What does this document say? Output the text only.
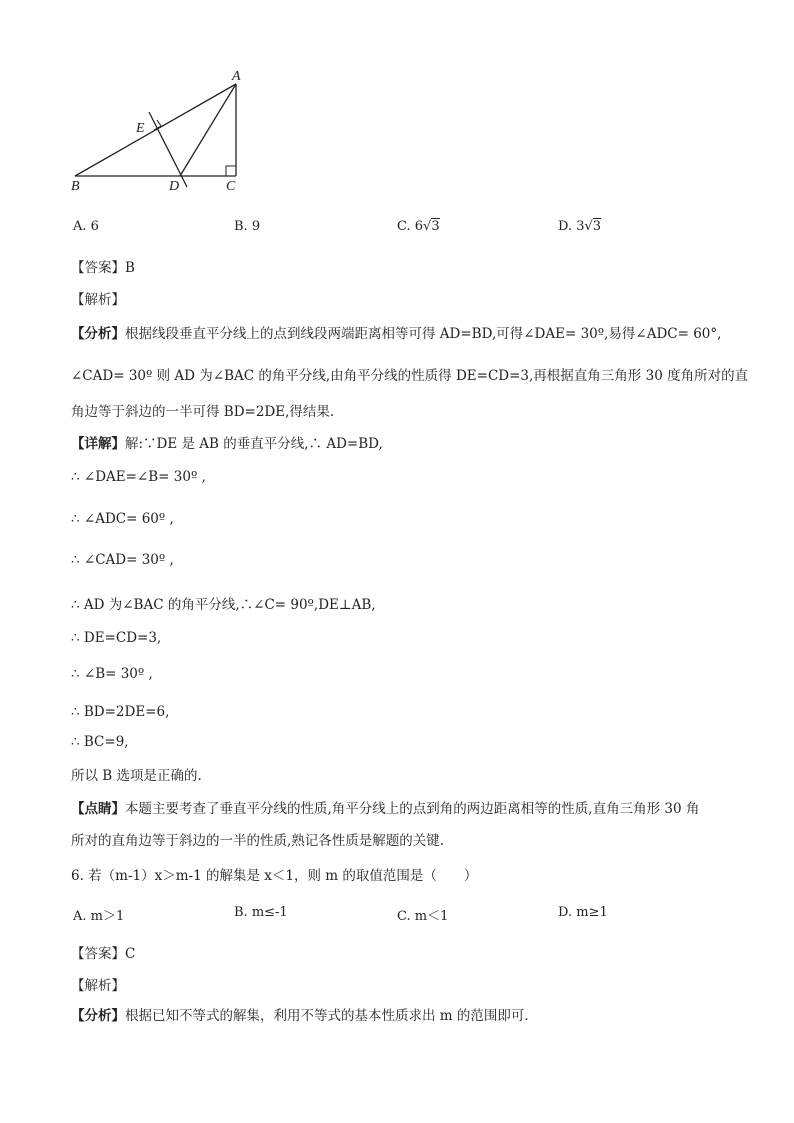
A
E
B	D	C
A. 6	B. 9	C. 6√3	D. 3√3
【答案】B
【解析】
【分析】根据线段垂直平分线上的点到线段两端距离相等可得 AD=BD,可得∠DAE= 30º,易得∠ADC= 60°,
∠CAD= 30º 则 AD 为∠BAC 的角平分线,由角平分线的性质得 DE=CD=3,再根据直角三角形 30 度角所对的直
角边等于斜边的一半可得 BD=2DE,得结果.
【详解】解:∵DE 是 AB 的垂直平分线,∴ AD=BD,
∴ ∠DAE=∠B= 30º ,
∴ ∠ADC= 60º ,
∴ ∠CAD= 30º ,
∴ AD 为∠BAC 的角平分线,∴∠C= 90º,DE⊥AB,
∴ DE=CD=3,
∴ ∠B= 30º ,
∴ BD=2DE=6,
∴ BC=9,
所以 B 选项是正确的.
【点睛】本题主要考查了垂直平分线的性质,角平分线上的点到角的两边距离相等的性质,直角三角形 30 角
所对的直角边等于斜边的一半的性质,熟记各性质是解题的关键.
6. 若（m-1）x＞m-1 的解集是 x＜1，则 m 的取值范围是（　　）
A. m＞1	B. m≤-1	C. m＜1	D. m≥1
【答案】C
【解析】
【分析】根据已知不等式的解集，利用不等式的基本性质求出 m 的范围即可．
